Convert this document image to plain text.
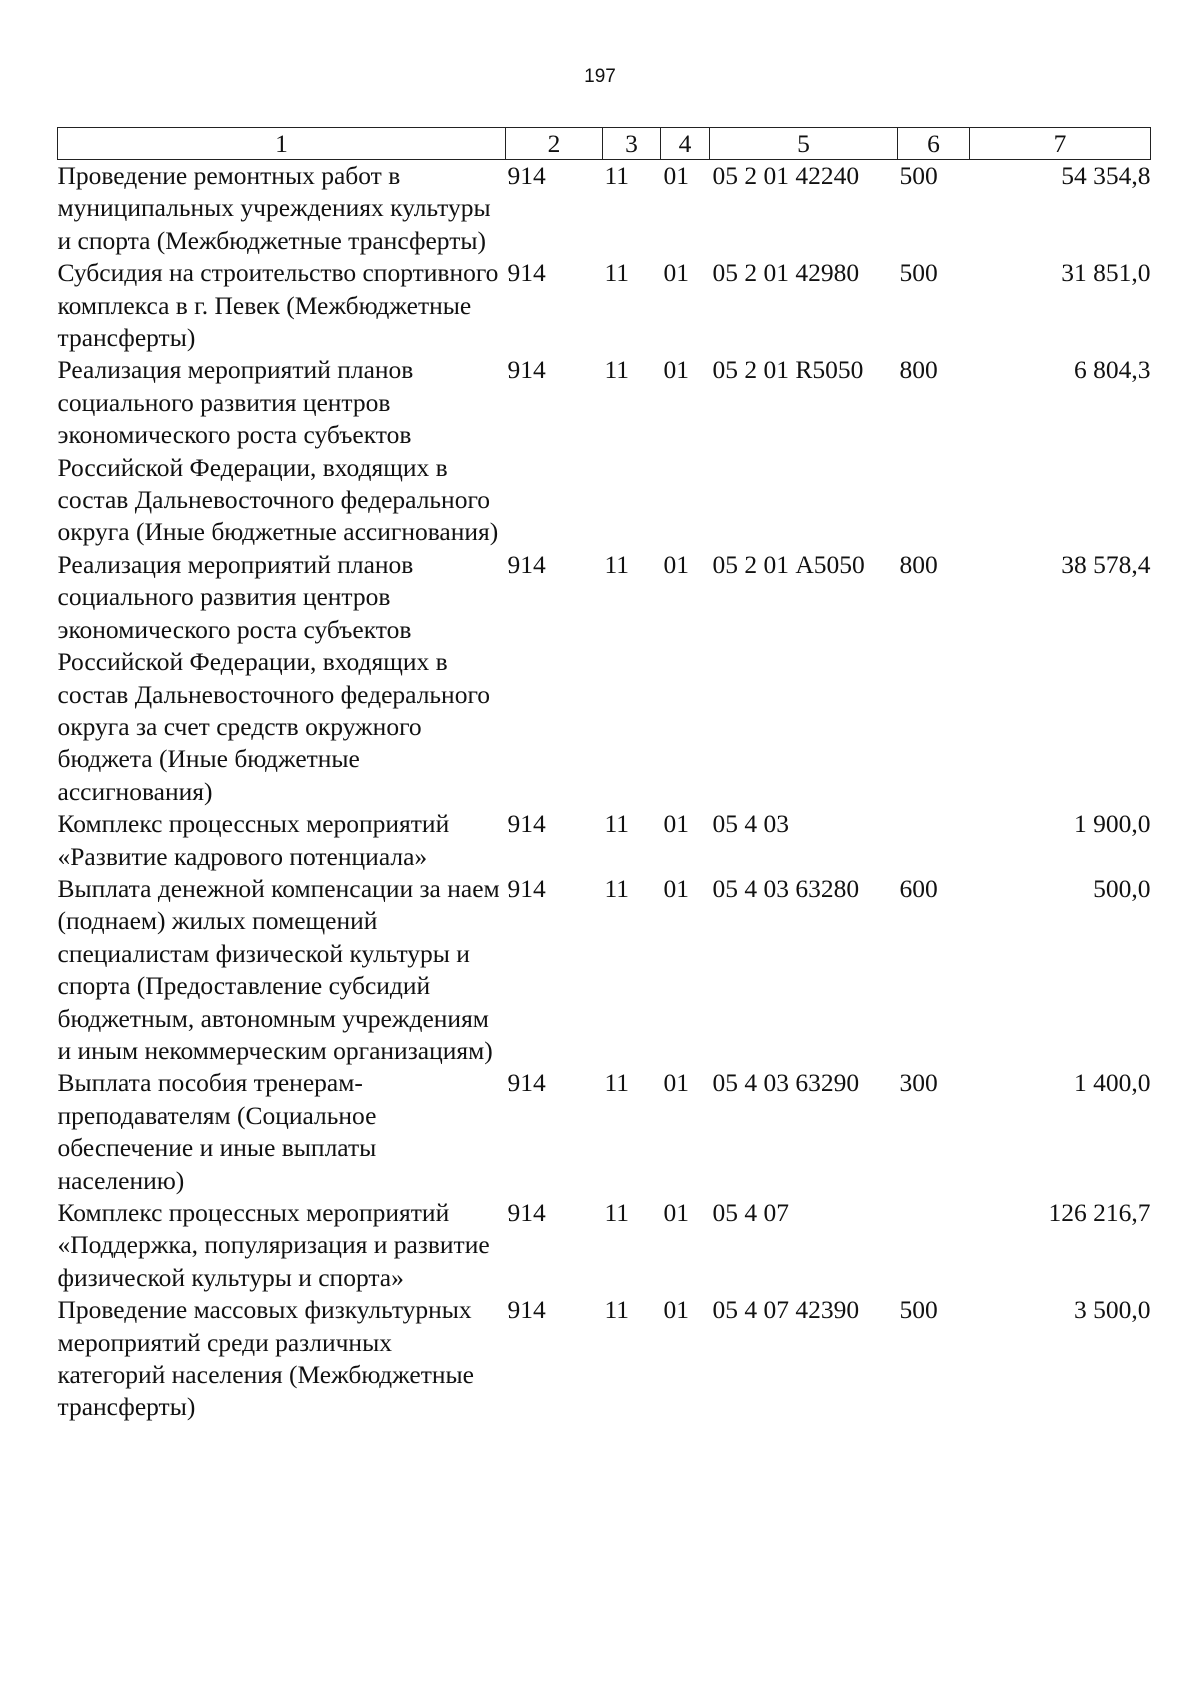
197
1	2	3	4	5	6	7
Проведение ремонтных работ в муниципальных учреждениях культуры и спорта (Межбюджетные трансферты)	914	11	01	05 2 01 42240	500	54 354,8
Субсидия на строительство спортивного комплекса в г. Певек (Межбюджетные трансферты)	914	11	01	05 2 01 42980	500	31 851,0
Реализация мероприятий планов социального развития центров экономического роста субъектов Российской Федерации, входящих в состав Дальневосточного федерального округа (Иные бюджетные ассигнования)	914	11	01	05 2 01 R5050	800	6 804,3
Реализация мероприятий планов социального развития центров экономического роста субъектов Российской Федерации, входящих в состав Дальневосточного федерального округа за счет средств окружного бюджета (Иные бюджетные ассигнования)	914	11	01	05 2 01 А5050	800	38 578,4
Комплекс процессных мероприятий «Развитие кадрового потенциала»	914	11	01	05 4 03		1 900,0
Выплата денежной компенсации за наем (поднаем) жилых помещений специалистам физической культуры и спорта (Предоставление субсидий бюджетным, автономным учреждениям и иным некоммерческим организациям)	914	11	01	05 4 03 63280	600	500,0
Выплата пособия тренерам-преподавателям (Социальное обеспечение и иные выплаты населению)	914	11	01	05 4 03 63290	300	1 400,0
Комплекс процессных мероприятий «Поддержка, популяризация и развитие физической культуры и спорта»	914	11	01	05 4 07		126 216,7
Проведение массовых физкультурных мероприятий среди различных категорий населения (Межбюджетные трансферты)	914	11	01	05 4 07 42390	500	3 500,0
